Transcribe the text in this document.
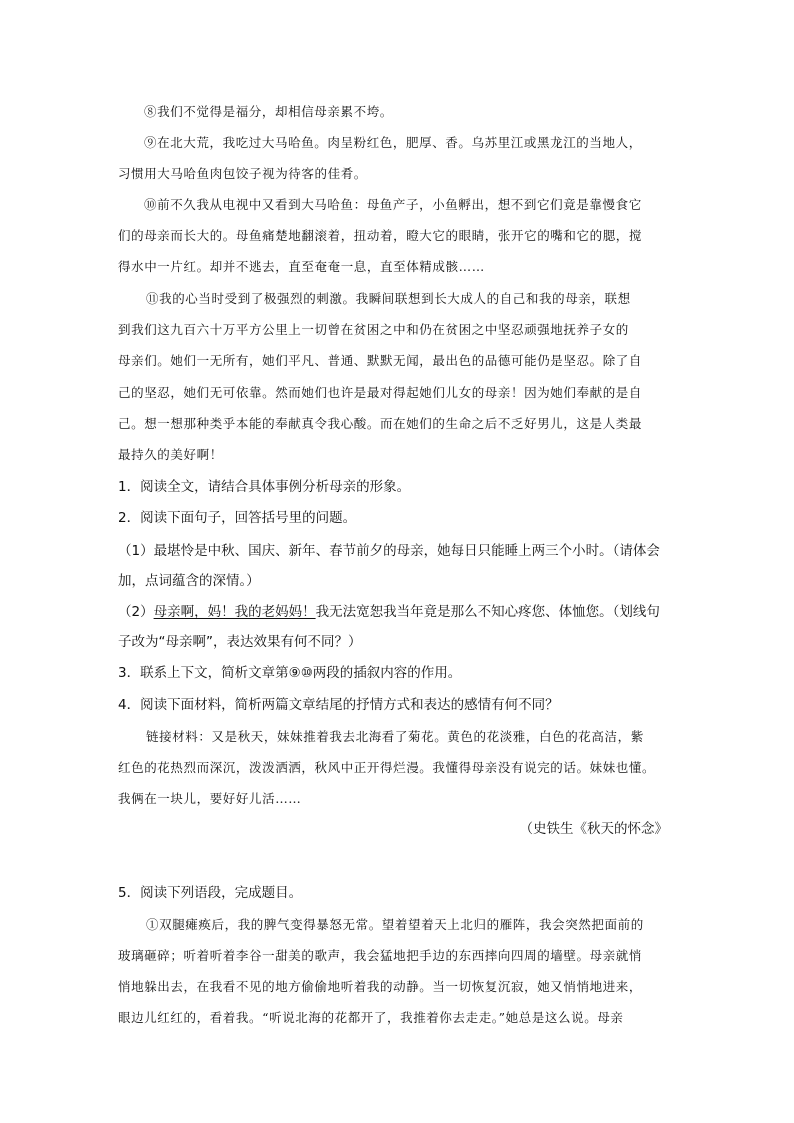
⑧我们不觉得是福分，却相信母亲累不垮。
⑨在北大荒，我吃过大马哈鱼。肉呈粉红色，肥厚、香。乌苏里江或黑龙江的当地人，
习惯用大马哈鱼肉包饺子视为待客的佳肴。
⑩前不久我从电视中又看到大马哈鱼：母鱼产子，小鱼孵出，想不到它们竟是靠慢食它
们的母亲而长大的。母鱼痛楚地翻滚着，扭动着，瞪大它的眼睛，张开它的嘴和它的腮，搅
得水中一片红。却并不逃去，直至奄奄一息，直至体精成骸……
⑪我的心当时受到了极强烈的刺激。我瞬间联想到长大成人的自己和我的母亲，联想
到我们这九百六十万平方公里上一切曾在贫困之中和仍在贫困之中坚忍顽强地抚养子女的
母亲们。她们一无所有，她们平凡、普通、默默无闻，最出色的品德可能仍是坚忍。除了自
己的坚忍，她们无可依靠。然而她们也许是最对得起她们儿女的母亲！因为她们奉献的是自
己。想一想那种类乎本能的奉献真令我心酸。而在她们的生命之后不乏好男儿，这是人类最
最持久的美好啊！
1．阅读全文，请结合具体事例分析母亲的形象。
2．阅读下面句子，回答括号里的问题。
（1）最堪怜是中秋、国庆、新年、春节前夕的母亲，她每日只能睡上两三个小时。（请体会
加，点词蕴含的深情。）
（2）母亲啊，妈！我的老妈妈！我无法宽恕我当年竟是那么不知心疼您、体恤您。（划线句
子改为“母亲啊”，表达效果有何不同？）
3．联系上下文，简析文章第⑨⑩两段的插叙内容的作用。
4．阅读下面材料，简析两篇文章结尾的抒情方式和表达的感情有何不同？
链接材料：又是秋天，妹妹推着我去北海看了菊花。黄色的花淡雅，白色的花高洁，紫
红色的花热烈而深沉，泼泼洒洒，秋风中正开得烂漫。我懂得母亲没有说完的话。妹妹也懂。
我俩在一块儿，要好好儿活……
（史铁生《秋天的怀念》
5．阅读下列语段，完成题目。
①双腿瘫痪后，我的脾气变得暴怒无常。望着望着天上北归的雁阵，我会突然把面前的
玻璃砸碎；听着听着李谷一甜美的歌声，我会猛地把手边的东西摔向四周的墙壁。母亲就悄
悄地躲出去，在我看不见的地方偷偷地听着我的动静。当一切恢复沉寂，她又悄悄地进来，
眼边儿红红的，看着我。“听说北海的花都开了，我推着你去走走。”她总是这么说。母亲
